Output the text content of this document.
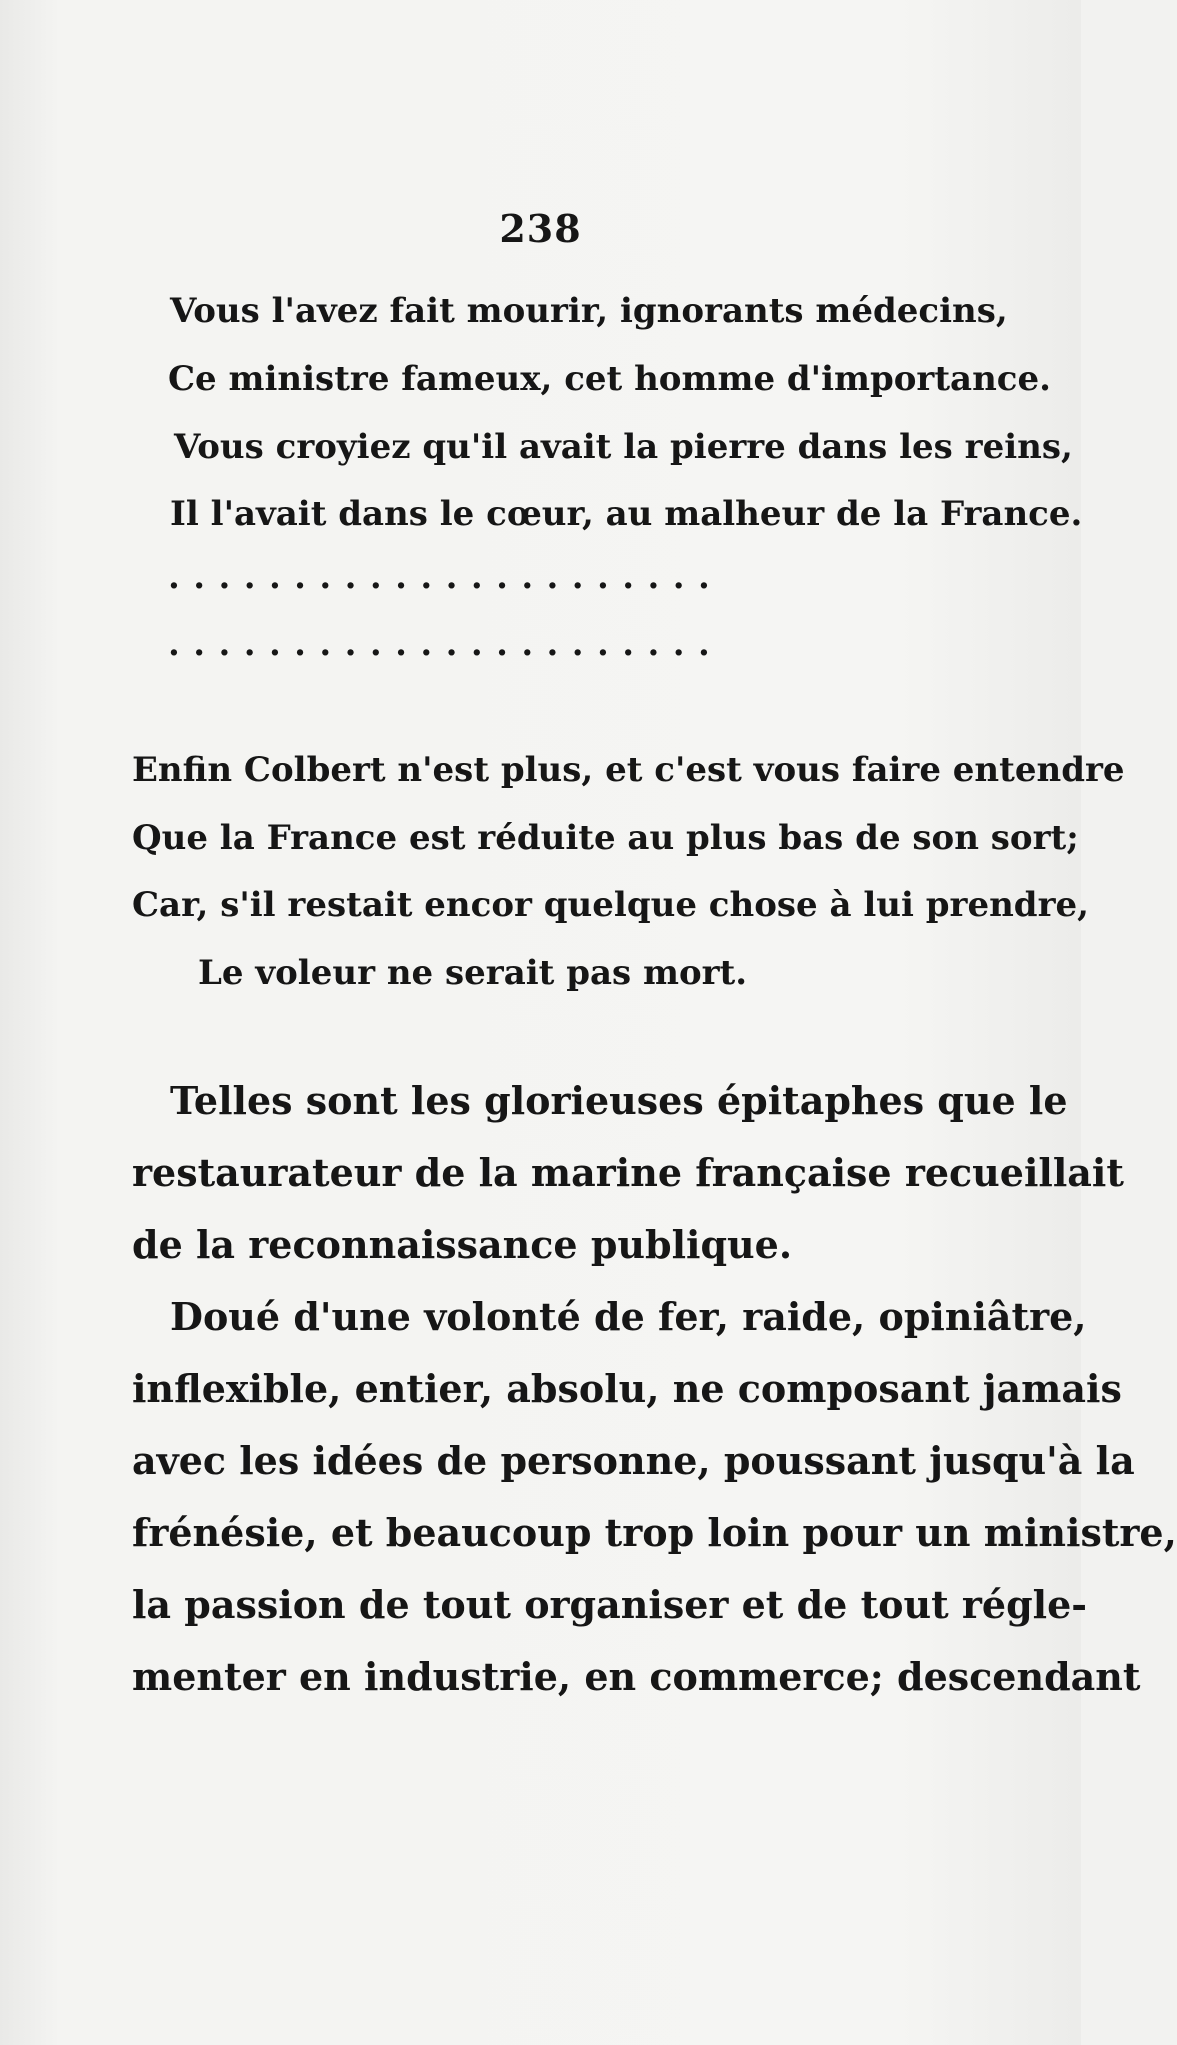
238
Vous l'avez fait mourir, ignorants médecins,
Ce ministre fameux, cet homme d'importance.
Vous croyiez qu'il avait la pierre dans les reins,
Il l'avait dans le cœur, au malheur de la France.
......................
......................
Enfin Colbert n'est plus, et c'est vous faire entendre
Que la France est réduite au plus bas de son sort;
Car, s'il restait encor quelque chose à lui prendre,
Le voleur ne serait pas mort.
Telles sont les glorieuses épitaphes que le
restaurateur de la marine française recueillait
de la reconnaissance publique.
Doué d'une volonté de fer, raide, opiniâtre,
inflexible, entier, absolu, ne composant jamais
avec les idées de personne, poussant jusqu'à la
frénésie, et beaucoup trop loin pour un ministre,
la passion de tout organiser et de tout régle-
menter en industrie, en commerce; descendant
